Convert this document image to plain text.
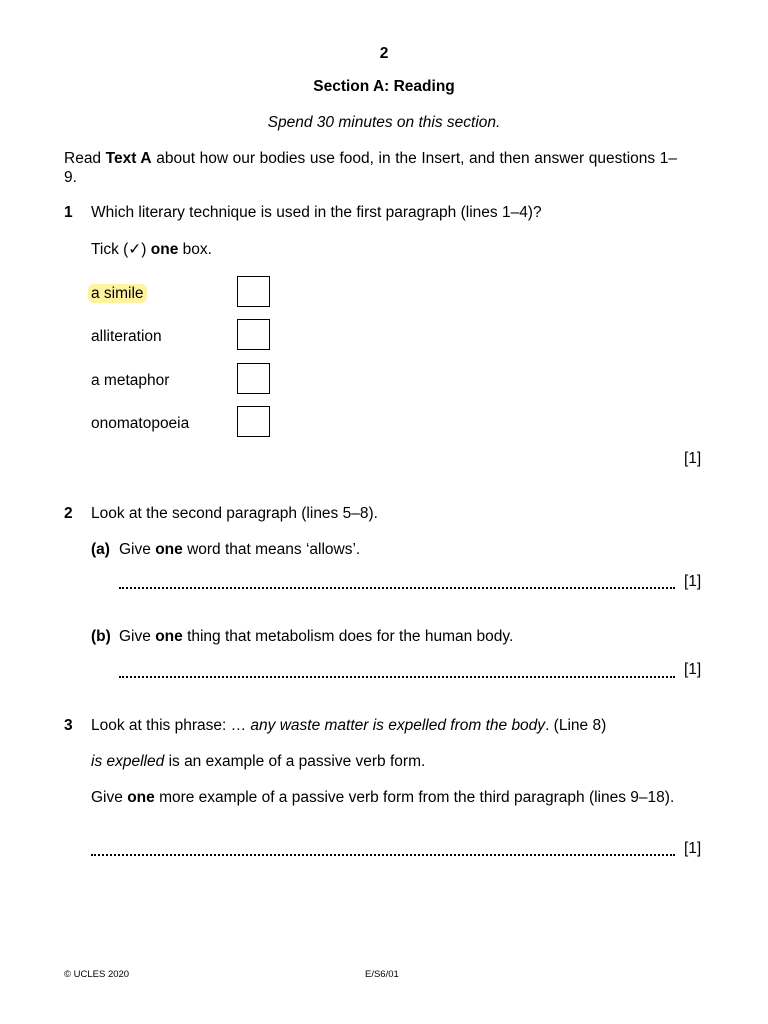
2
Section A: Reading
Spend 30 minutes on this section.
Read Text A about how our bodies use food, in the Insert, and then answer questions 1–9.
1 Which literary technique is used in the first paragraph (lines 1–4)?
Tick (✓) one box.
a simile
alliteration
a metaphor
onomatopoeia
[1]
2 Look at the second paragraph (lines 5–8).
(a) Give one word that means ‘allows’.
[1]
(b) Give one thing that metabolism does for the human body.
[1]
3 Look at this phrase: … any waste matter is expelled from the body. (Line 8)
is expelled is an example of a passive verb form.
Give one more example of a passive verb form from the third paragraph (lines 9–18).
[1]
© UCLES 2020	E/S6/01
